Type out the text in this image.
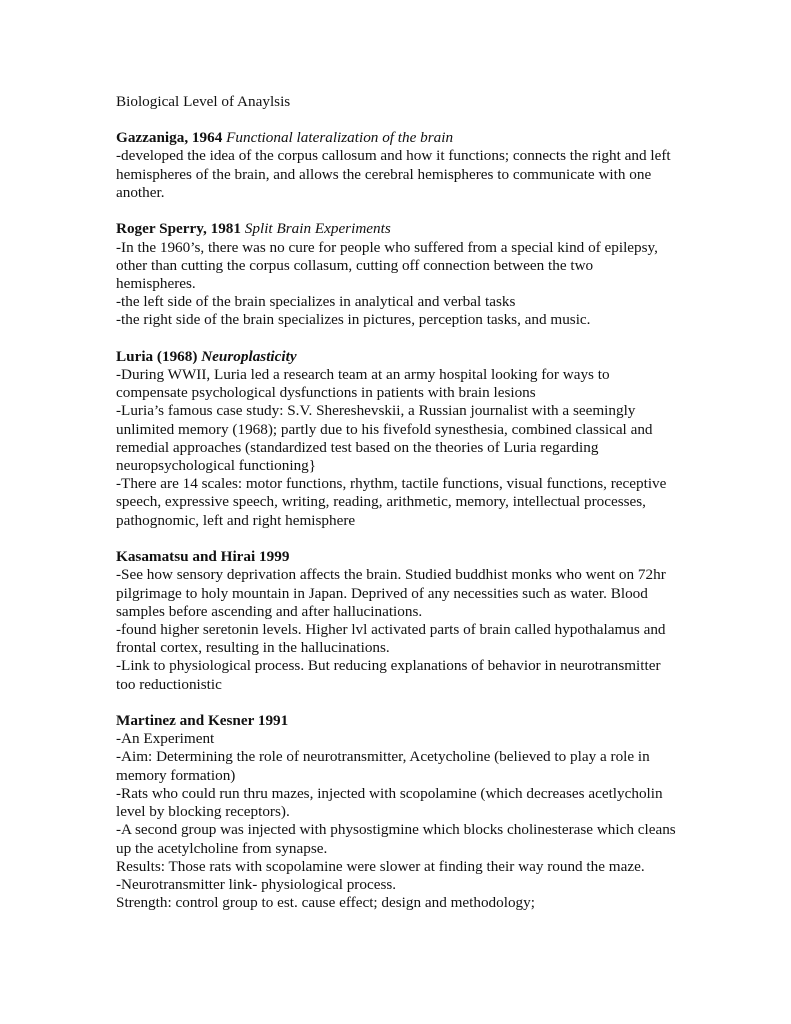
Biological Level of Anaylsis

Gazzaniga, 1964 Functional lateralization of the brain

-developed the idea of the corpus callosum and how it functions; connects the right and left hemispheres of the brain, and allows the cerebral hemispheres to communicate with one another.

Roger Sperry, 1981 Split Brain Experiments

-In the 1960’s, there was no cure for people who suffered from a special kind of epilepsy, other than cutting the corpus collasum, cutting off connection between the two hemispheres.

-the left side of the brain specializes in analytical and verbal tasks

-the right side of the brain specializes in pictures, perception tasks, and music.

Luria (1968) Neuroplasticity

-During WWII, Luria led a research team at an army hospital looking for ways to compensate psychological dysfunctions in patients with brain lesions

-Luria’s famous case study: S.V. Shereshevskii, a Russian journalist with a seemingly unlimited memory (1968); partly due to his fivefold synesthesia, combined classical and remedial approaches (standardized test based on the theories of Luria regarding neuropsychological functioning}

-There are 14 scales: motor functions, rhythm, tactile functions, visual functions, receptive speech, expressive speech, writing, reading, arithmetic, memory, intellectual processes, pathognomic, left and right hemisphere

Kasamatsu and Hirai 1999

-See how sensory deprivation affects the brain. Studied buddhist monks who went on 72hr pilgrimage to holy mountain in Japan. Deprived of any necessities such as water. Blood samples before ascending and after hallucinations.

-found higher seretonin levels. Higher lvl activated parts of brain called hypothalamus and frontal cortex, resulting in the hallucinations.

-Link to physiological process. But reducing explanations of behavior in neurotransmitter too reductionistic

Martinez and Kesner 1991

-An Experiment

-Aim: Determining the role of neurotransmitter, Acetycholine (believed to play a role in memory formation)

-Rats who could run thru mazes, injected with scopolamine (which decreases acetlycholin level by blocking receptors).

-A second group was injected with physostigmine which blocks cholinesterase which cleans up the acetylcholine from synapse.

Results: Those rats with scopolamine were slower at finding their way round the maze.

-Neurotransmitter link- physiological process.

Strength: control group to est. cause effect; design and methodology;
